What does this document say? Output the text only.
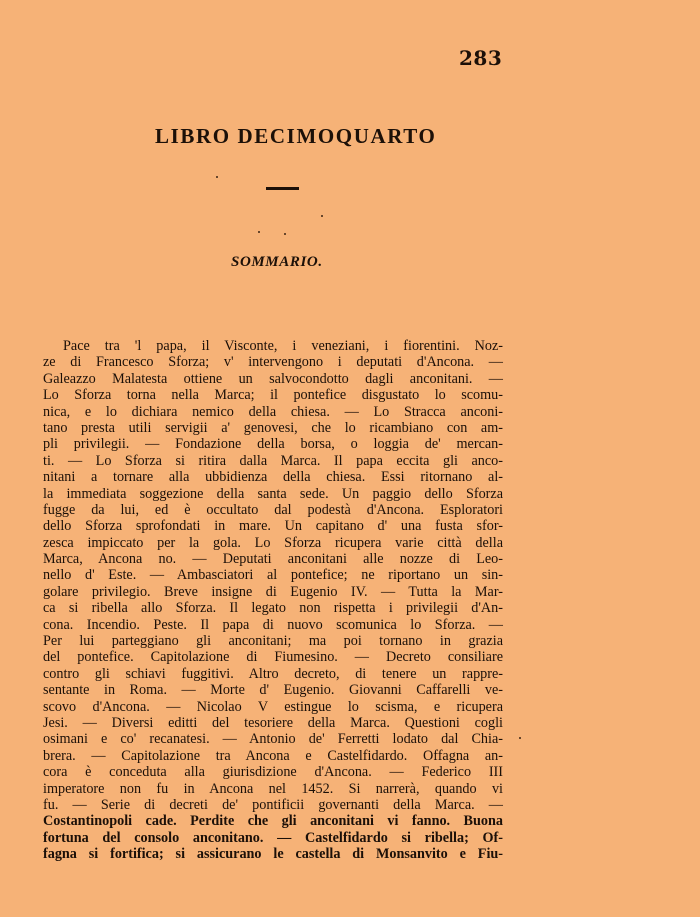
283
LIBRO DECIMOQUARTO
SOMMARIO.
Pace tra 'l papa, il Visconte, i veneziani, i fiorentini. Noz-
ze di Francesco Sforza; v' intervengono i deputati d'Ancona. —
Galeazzo Malatesta ottiene un salvocondotto dagli anconitani. —
Lo Sforza torna nella Marca; il pontefice disgustato lo scomu-
nica, e lo dichiara nemico della chiesa. — Lo Stracca anconi-
tano presta utili servigii a' genovesi, che lo ricambiano con am-
pli privilegii. — Fondazione della borsa, o loggia de' mercan-
ti. — Lo Sforza si ritira dalla Marca. Il papa eccita gli anco-
nitani a tornare alla ubbidienza della chiesa. Essi ritornano al-
la immediata soggezione della santa sede. Un paggio dello Sforza
fugge da lui, ed è occultato dal podestà d'Ancona. Esploratori
dello Sforza sprofondati in mare. Un capitano d' una fusta sfor-
zesca impiccato per la gola. Lo Sforza ricupera varie città della
Marca, Ancona no. — Deputati anconitani alle nozze di Leo-
nello d' Este. — Ambasciatori al pontefice; ne riportano un sin-
golare privilegio. Breve insigne di Eugenio IV. — Tutta la Mar-
ca si ribella allo Sforza. Il legato non rispetta i privilegii d'An-
cona. Incendio. Peste. Il papa di nuovo scomunica lo Sforza. —
Per lui parteggiano gli anconitani; ma poi tornano in grazia
del pontefice. Capitolazione di Fiumesino. — Decreto consiliare
contro gli schiavi fuggitivi. Altro decreto, di tenere un rappre-
sentante in Roma. — Morte d' Eugenio. Giovanni Caffarelli ve-
scovo d'Ancona. — Nicolao V estingue lo scisma, e ricupera
Jesi. — Diversi editti del tesoriere della Marca. Questioni cogli
osimani e co' recanatesi. — Antonio de' Ferretti lodato dal Chia-
brera. — Capitolazione tra Ancona e Castelfidardo. Offagna an-
cora è conceduta alla giurisdizione d'Ancona. — Federico III
imperatore non fu in Ancona nel 1452. Si narrerà, quando vi
fu. — Serie di decreti de' pontificii governanti della Marca. —
Costantinopoli cade. Perdite che gli anconitani vi fanno. Buona
fortuna del consolo anconitano. — Castelfidardo si ribella; Of-
fagna si fortifica; si assicurano le castella di Monsanvito e Fiu-
